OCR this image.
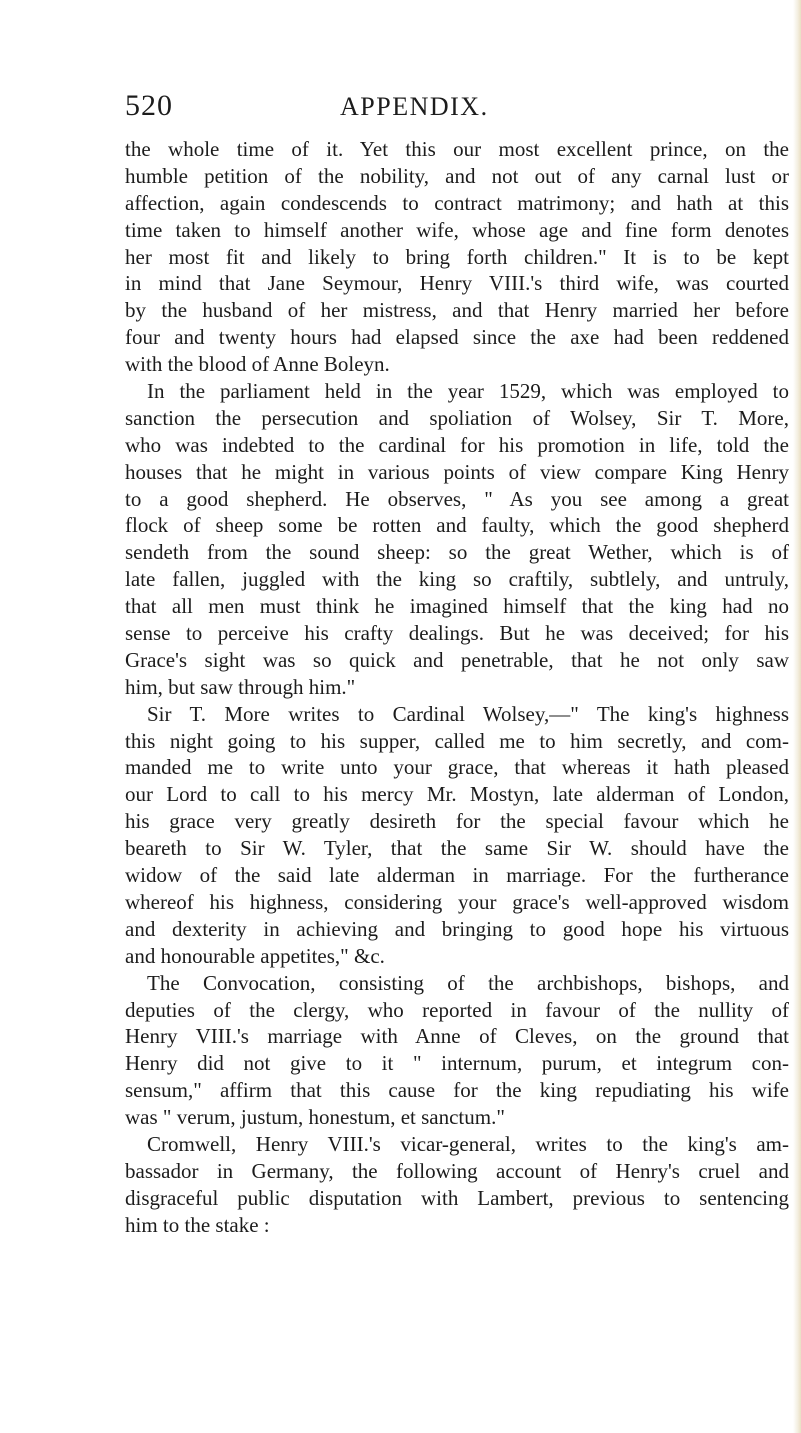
520	APPENDIX.
the whole time of it. Yet this our most excellent prince, on the
humble petition of the nobility, and not out of any carnal lust or
affection, again condescends to contract matrimony; and hath at this
time taken to himself another wife, whose age and fine form denotes
her most fit and likely to bring forth children." It is to be kept
in mind that Jane Seymour, Henry VIII.'s third wife, was courted
by the husband of her mistress, and that Henry married her before
four and twenty hours had elapsed since the axe had been reddened
with the blood of Anne Boleyn.
In the parliament held in the year 1529, which was employed to
sanction the persecution and spoliation of Wolsey, Sir T. More,
who was indebted to the cardinal for his promotion in life, told the
houses that he might in various points of view compare King Henry
to a good shepherd. He observes, " As you see among a great
flock of sheep some be rotten and faulty, which the good shepherd
sendeth from the sound sheep: so the great Wether, which is of
late fallen, juggled with the king so craftily, subtlely, and untruly,
that all men must think he imagined himself that the king had no
sense to perceive his crafty dealings. But he was deceived; for his
Grace's sight was so quick and penetrable, that he not only saw
him, but saw through him."
Sir T. More writes to Cardinal Wolsey,—" The king's highness
this night going to his supper, called me to him secretly, and com-
manded me to write unto your grace, that whereas it hath pleased
our Lord to call to his mercy Mr. Mostyn, late alderman of London,
his grace very greatly desireth for the special favour which he
beareth to Sir W. Tyler, that the same Sir W. should have the
widow of the said late alderman in marriage. For the furtherance
whereof his highness, considering your grace's well-approved wisdom
and dexterity in achieving and bringing to good hope his virtuous
and honourable appetites," &c.
The Convocation, consisting of the archbishops, bishops, and
deputies of the clergy, who reported in favour of the nullity of
Henry VIII.'s marriage with Anne of Cleves, on the ground that
Henry did not give to it " internum, purum, et integrum con-
sensum," affirm that this cause for the king repudiating his wife
was " verum, justum, honestum, et sanctum."
Cromwell, Henry VIII.'s vicar-general, writes to the king's am-
bassador in Germany, the following account of Henry's cruel and
disgraceful public disputation with Lambert, previous to sentencing
him to the stake :
